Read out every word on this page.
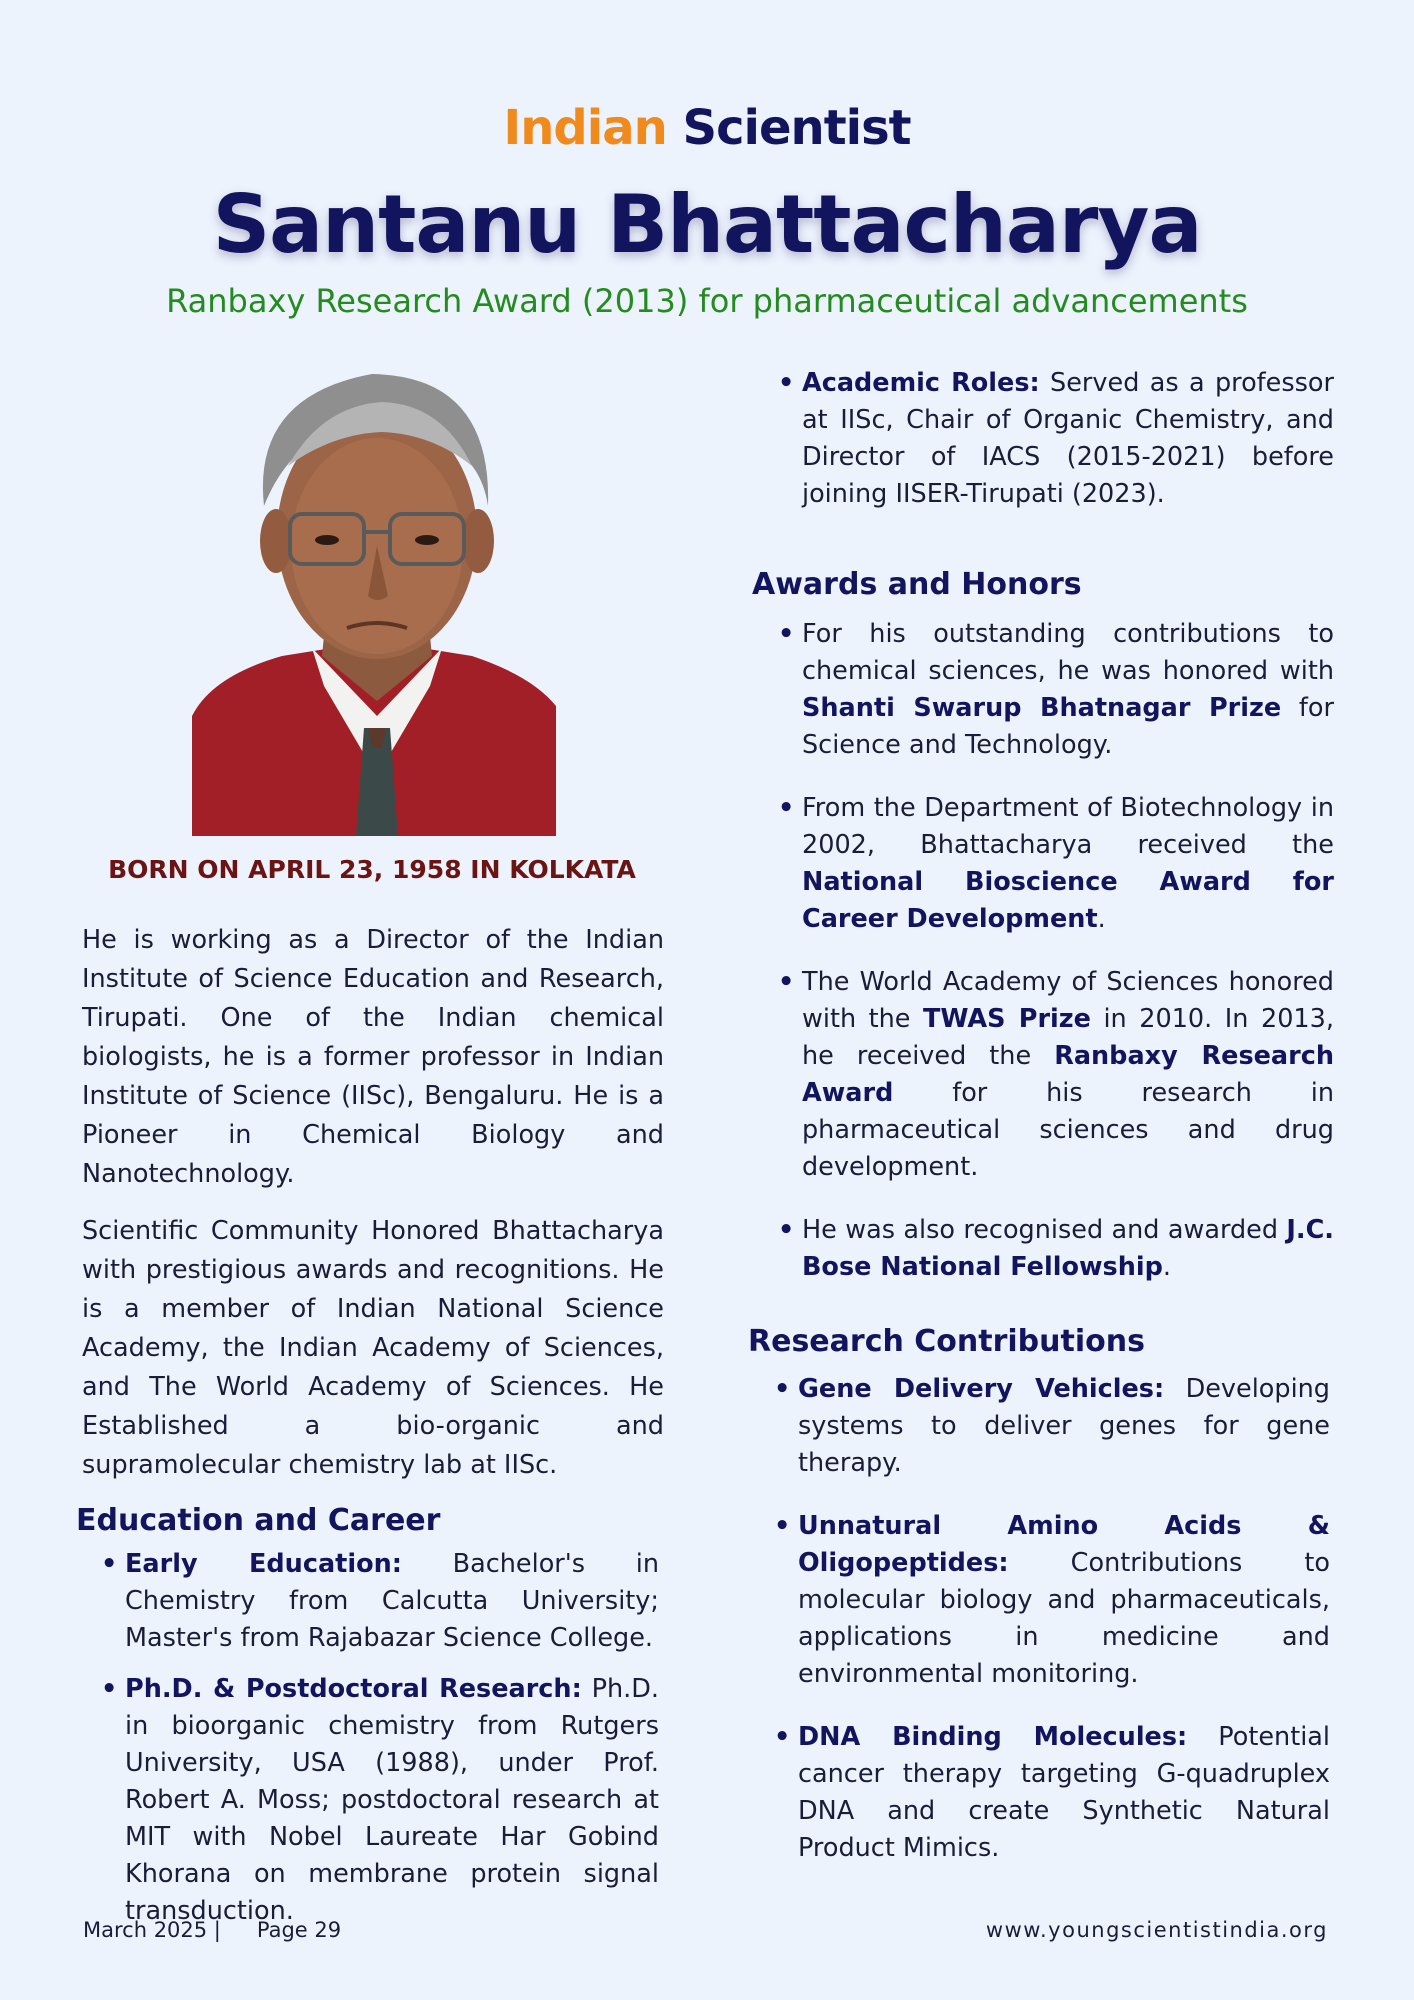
Indian Scientist
Santanu Bhattacharya
Ranbaxy Research Award (2013) for pharmaceutical advancements
BORN ON APRIL 23, 1958 IN KOLKATA

He is working as a Director of the Indian Institute of Science Education and Research, Tirupati. One of the Indian chemical biologists, he is a former professor in Indian Institute of Science (IISc), Bengaluru. He is a Pioneer in Chemical Biology and Nanotechnology.

Scientific Community Honored Bhattacharya with prestigious awards and recognitions. He is a member of Indian National Science Academy, the Indian Academy of Sciences, and The World Academy of Sciences. He Established a bio-organic and supramolecular chemistry lab at IISc.

Education and Career
• Early Education: Bachelor's in Chemistry from Calcutta University; Master's from Rajabazar Science College.
• Ph.D. & Postdoctoral Research: Ph.D. in bioorganic chemistry from Rutgers University, USA (1988), under Prof. Robert A. Moss; postdoctoral research at MIT with Nobel Laureate Har Gobind Khorana on membrane protein signal transduction.
• Academic Roles: Served as a professor at IISc, Chair of Organic Chemistry, and Director of IACS (2015-2021) before joining IISER-Tirupati (2023).
Awards and Honors
• For his outstanding contributions to chemical sciences, he was honored with Shanti Swarup Bhatnagar Prize for Science and Technology.
• From the Department of Biotechnology in 2002, Bhattacharya received the National Bioscience Award for Career Development.
• The World Academy of Sciences honored with the TWAS Prize in 2010. In 2013, he received the Ranbaxy Research Award for his research in pharmaceutical sciences and drug development.
• He was also recognised and awarded J.C. Bose National Fellowship.
Research Contributions
• Gene Delivery Vehicles: Developing systems to deliver genes for gene therapy.
• Unnatural Amino Acids & Oligopeptides: Contributions to molecular biology and pharmaceuticals, applications in medicine and environmental monitoring.
• DNA Binding Molecules: Potential cancer therapy targeting G-quadruplex DNA and create Synthetic Natural Product Mimics.
March 2025 | Page 29	www.youngscientistindia.org
